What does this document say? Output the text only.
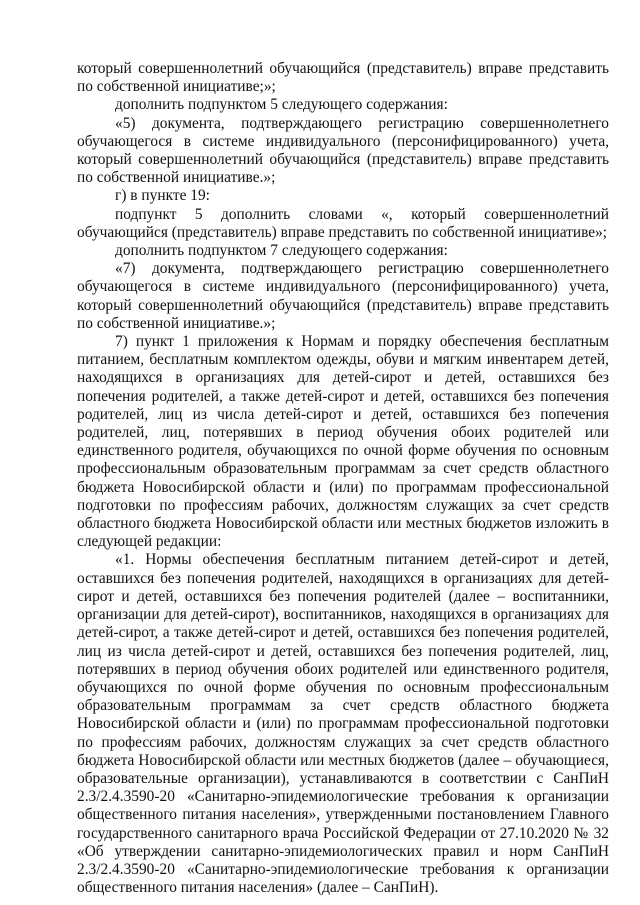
который совершеннолетний обучающийся (представитель) вправе представить по собственной инициативе;»;

дополнить подпунктом 5 следующего содержания:

«5) документа, подтверждающего регистрацию совершеннолетнего обучающегося в системе индивидуального (персонифицированного) учета, который совершеннолетний обучающийся (представитель) вправе представить по собственной инициативе.»;

г) в пункте 19:

подпункт 5 дополнить словами «, который совершеннолетний обучающийся (представитель) вправе представить по собственной инициативе»;

дополнить подпунктом 7 следующего содержания:

«7) документа, подтверждающего регистрацию совершеннолетнего обучающегося в системе индивидуального (персонифицированного) учета, который совершеннолетний обучающийся (представитель) вправе представить по собственной инициативе.»;

7) пункт 1 приложения к Нормам и порядку обеспечения бесплатным питанием, бесплатным комплектом одежды, обуви и мягким инвентарем детей, находящихся в организациях для детей-сирот и детей, оставшихся без попечения родителей, а также детей-сирот и детей, оставшихся без попечения родителей, лиц из числа детей-сирот и детей, оставшихся без попечения родителей, лиц, потерявших в период обучения обоих родителей или единственного родителя, обучающихся по очной форме обучения по основным профессиональным образовательным программам за счет средств областного бюджета Новосибирской области и (или) по программам профессиональной подготовки по профессиям рабочих, должностям служащих за счет средств областного бюджета Новосибирской области или местных бюджетов изложить в следующей редакции:

«1. Нормы обеспечения бесплатным питанием детей-сирот и детей, оставшихся без попечения родителей, находящихся в организациях для детей-сирот и детей, оставшихся без попечения родителей (далее – воспитанники, организации для детей-сирот), воспитанников, находящихся в организациях для детей-сирот, а также детей-сирот и детей, оставшихся без попечения родителей, лиц из числа детей-сирот и детей, оставшихся без попечения родителей, лиц, потерявших в период обучения обоих родителей или единственного родителя, обучающихся по очной форме обучения по основным профессиональным образовательным программам за счет средств областного бюджета Новосибирской области и (или) по программам профессиональной подготовки по профессиям рабочих, должностям служащих за счет средств областного бюджета Новосибирской области или местных бюджетов (далее – обучающиеся, образовательные организации), устанавливаются в соответствии с СанПиН 2.3/2.4.3590-20 «Санитарно-эпидемиологические требования к организации общественного питания населения», утвержденными постановлением Главного государственного санитарного врача Российской Федерации от 27.10.2020 № 32 «Об утверждении санитарно-эпидемиологических правил и норм СанПиН 2.3/2.4.3590-20 «Санитарно-эпидемиологические требования к организации общественного питания населения» (далее – СанПиН).
